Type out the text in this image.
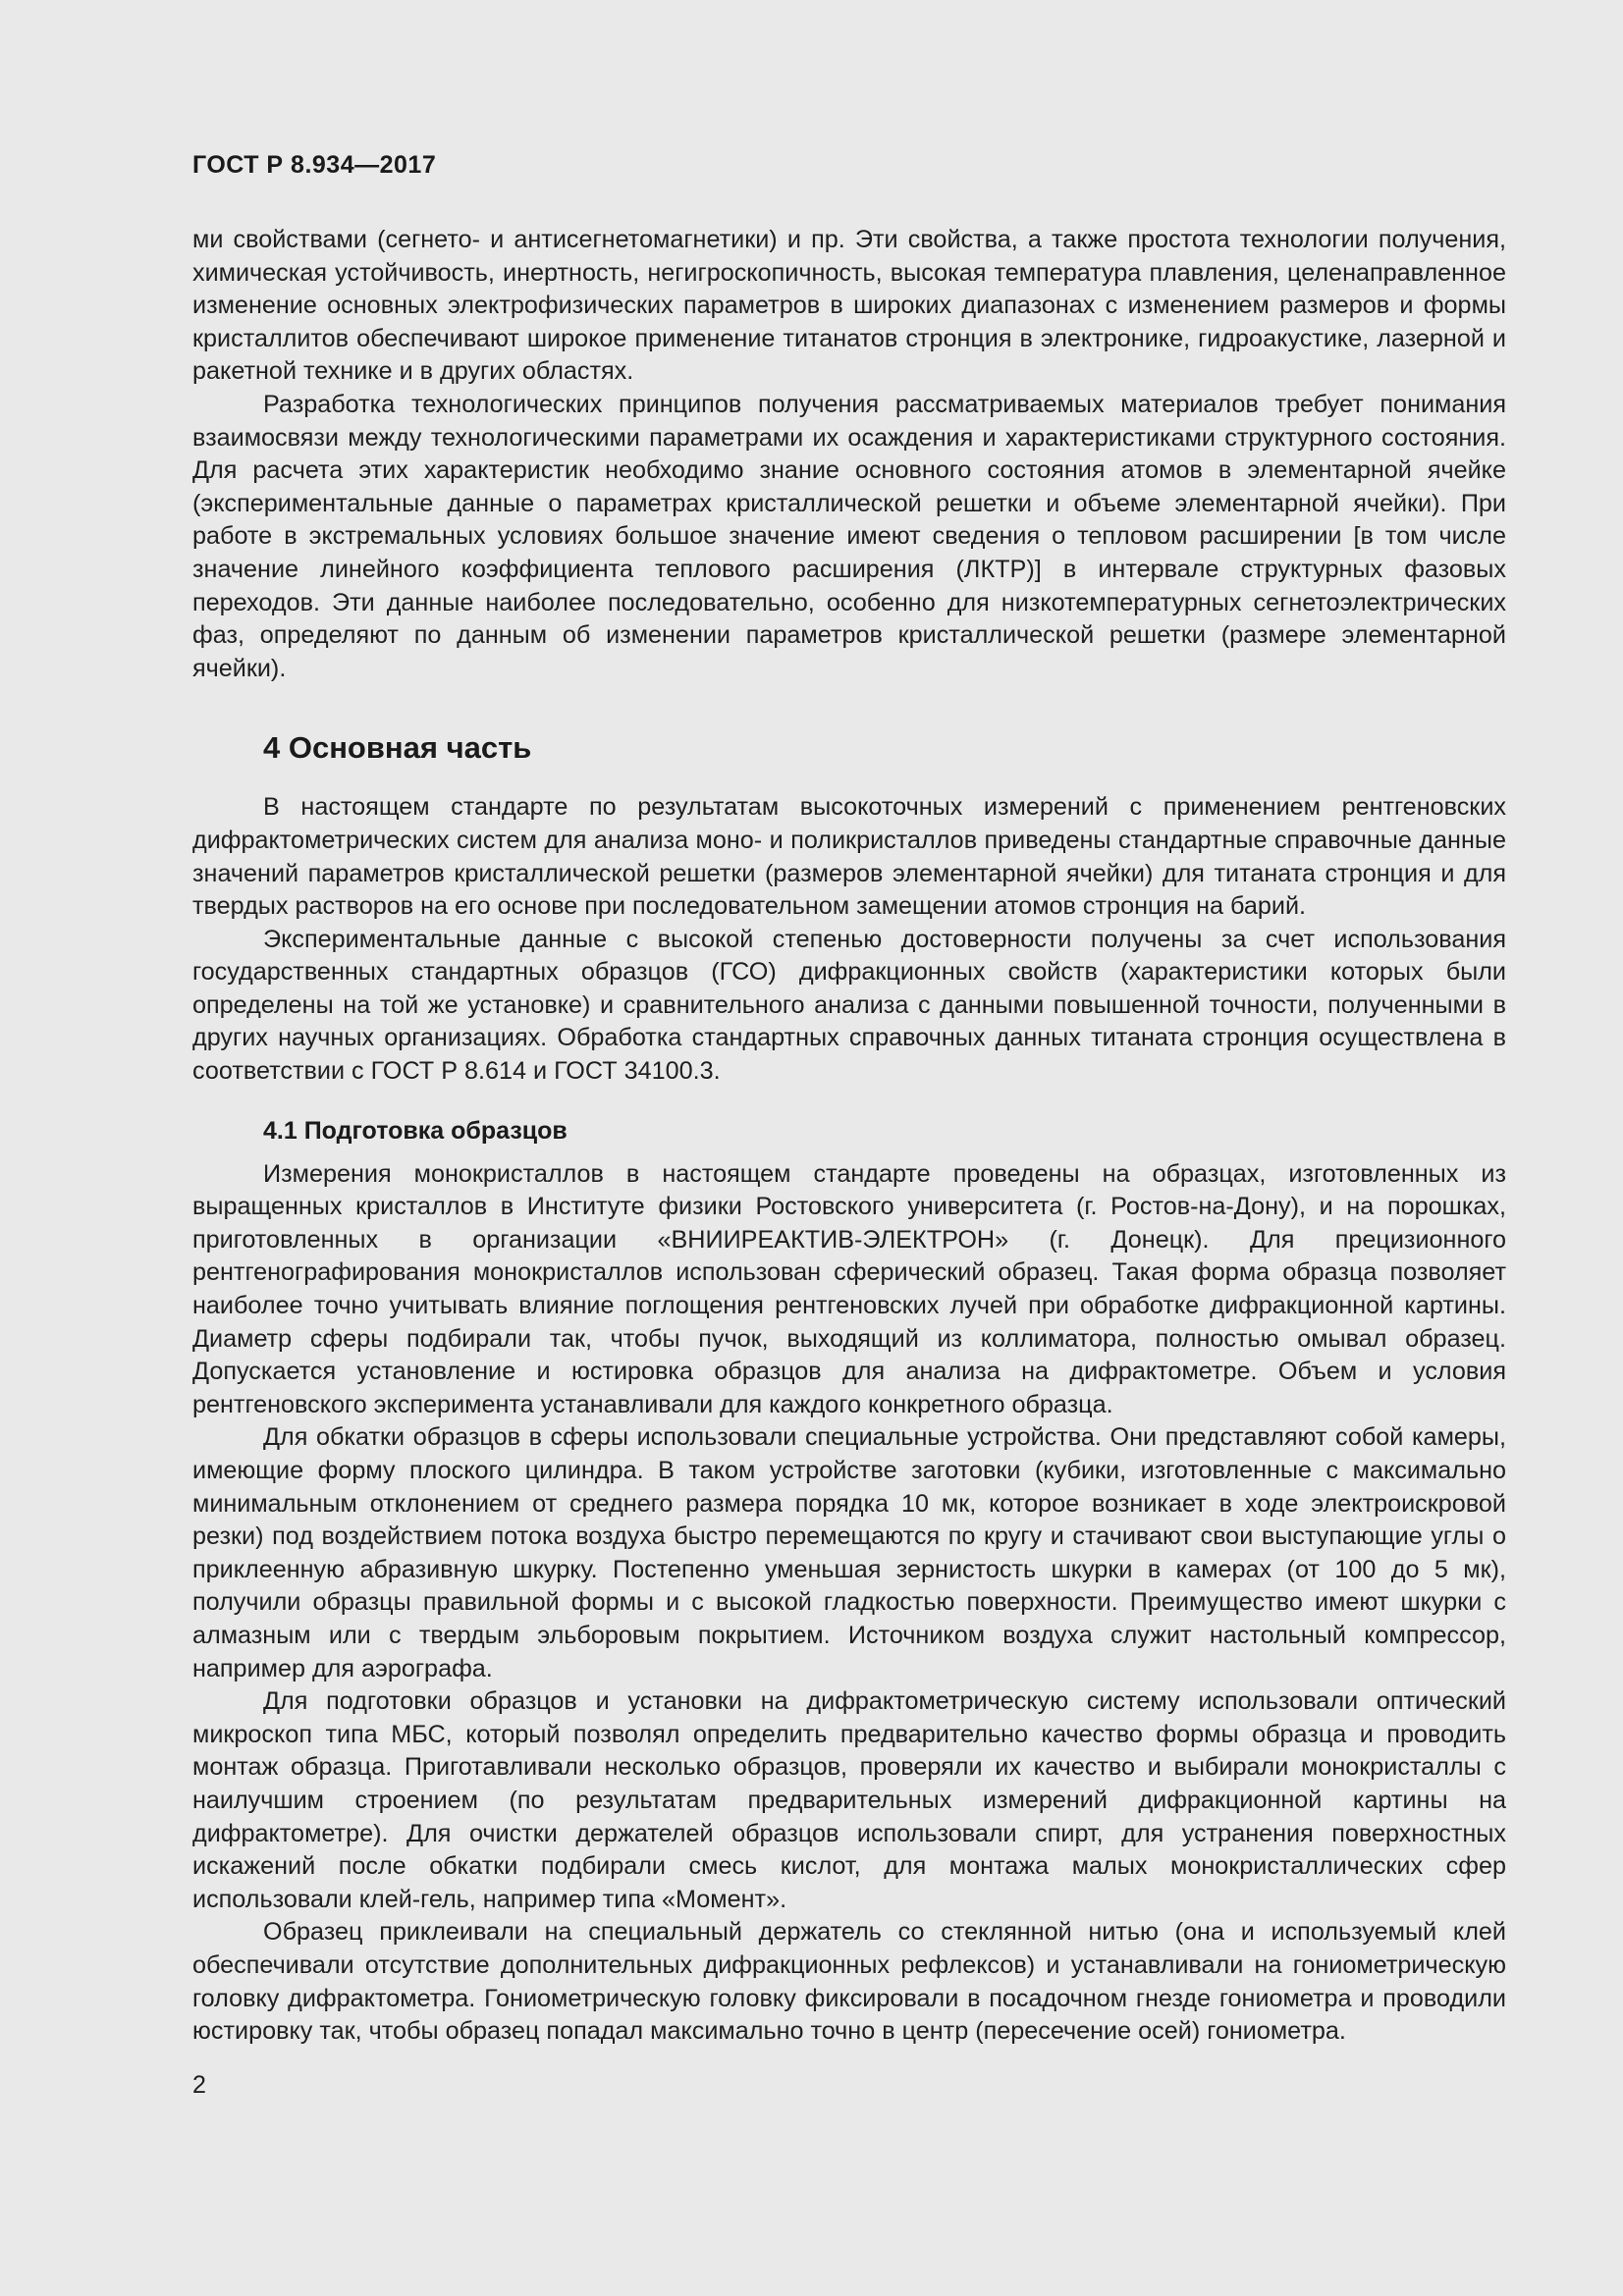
ГОСТ Р 8.934—2017

ми свойствами (сегнето- и антисегнетомагнетики) и пр. Эти свойства, а также простота технологии получения, химическая устойчивость, инертность, негигроскопичность, высокая температура плавления, целенаправленное изменение основных электрофизических параметров в широких диапазонах с изменением размеров и формы кристаллитов обеспечивают широкое применение титанатов стронция в электронике, гидроакустике, лазерной и ракетной технике и в других областях.

Разработка технологических принципов получения рассматриваемых материалов требует понимания взаимосвязи между технологическими параметрами их осаждения и характеристиками структурного состояния. Для расчета этих характеристик необходимо знание основного состояния атомов в элементарной ячейке (экспериментальные данные о параметрах кристаллической решетки и объеме элементарной ячейки). При работе в экстремальных условиях большое значение имеют сведения о тепловом расширении [в том числе значение линейного коэффициента теплового расширения (ЛКТР)] в интервале структурных фазовых переходов. Эти данные наиболее последовательно, особенно для низкотемпературных сегнетоэлектрических фаз, определяют по данным об изменении параметров кристаллической решетки (размере элементарной ячейки).

4 Основная часть

В настоящем стандарте по результатам высокоточных измерений с применением рентгеновских дифрактометрических систем для анализа моно- и поликристаллов приведены стандартные справочные данные значений параметров кристаллической решетки (размеров элементарной ячейки) для титаната стронция и для твердых растворов на его основе при последовательном замещении атомов стронция на барий.

Экспериментальные данные с высокой степенью достоверности получены за счет использования государственных стандартных образцов (ГСО) дифракционных свойств (характеристики которых были определены на той же установке) и сравнительного анализа с данными повышенной точности, полученными в других научных организациях. Обработка стандартных справочных данных титаната стронция осуществлена в соответствии с ГОСТ Р 8.614 и ГОСТ 34100.3.

4.1 Подготовка образцов

Измерения монокристаллов в настоящем стандарте проведены на образцах, изготовленных из выращенных кристаллов в Институте физики Ростовского университета (г. Ростов-на-Дону), и на порошках, приготовленных в организации «ВНИИРЕАКТИВ-ЭЛЕКТРОН» (г. Донецк). Для прецизионного рентгенографирования монокристаллов использован сферический образец. Такая форма образца позволяет наиболее точно учитывать влияние поглощения рентгеновских лучей при обработке дифракционной картины. Диаметр сферы подбирали так, чтобы пучок, выходящий из коллиматора, полностью омывал образец. Допускается установление и юстировка образцов для анализа на дифрактометре. Объем и условия рентгеновского эксперимента устанавливали для каждого конкретного образца.

Для обкатки образцов в сферы использовали специальные устройства. Они представляют собой камеры, имеющие форму плоского цилиндра. В таком устройстве заготовки (кубики, изготовленные с максимально минимальным отклонением от среднего размера порядка 10 мк, которое возникает в ходе электроискровой резки) под воздействием потока воздуха быстро перемещаются по кругу и стачивают свои выступающие углы о приклеенную абразивную шкурку. Постепенно уменьшая зернистость шкурки в камерах (от 100 до 5 мк), получили образцы правильной формы и с высокой гладкостью поверхности. Преимущество имеют шкурки с алмазным или с твердым эльборовым покрытием. Источником воздуха служит настольный компрессор, например для аэрографа.

Для подготовки образцов и установки на дифрактометрическую систему использовали оптический микроскоп типа МБС, который позволял определить предварительно качество формы образца и проводить монтаж образца. Приготавливали несколько образцов, проверяли их качество и выбирали монокристаллы с наилучшим строением (по результатам предварительных измерений дифракционной картины на дифрактометре). Для очистки держателей образцов использовали спирт, для устранения поверхностных искажений после обкатки подбирали смесь кислот, для монтажа малых монокристаллических сфер использовали клей-гель, например типа «Момент».

Образец приклеивали на специальный держатель со стеклянной нитью (она и используемый клей обеспечивали отсутствие дополнительных дифракционных рефлексов) и устанавливали на гониометрическую головку дифрактометра. Гониометрическую головку фиксировали в посадочном гнезде гониометра и проводили юстировку так, чтобы образец попадал максимально точно в центр (пересечение осей) гониометра.

2
